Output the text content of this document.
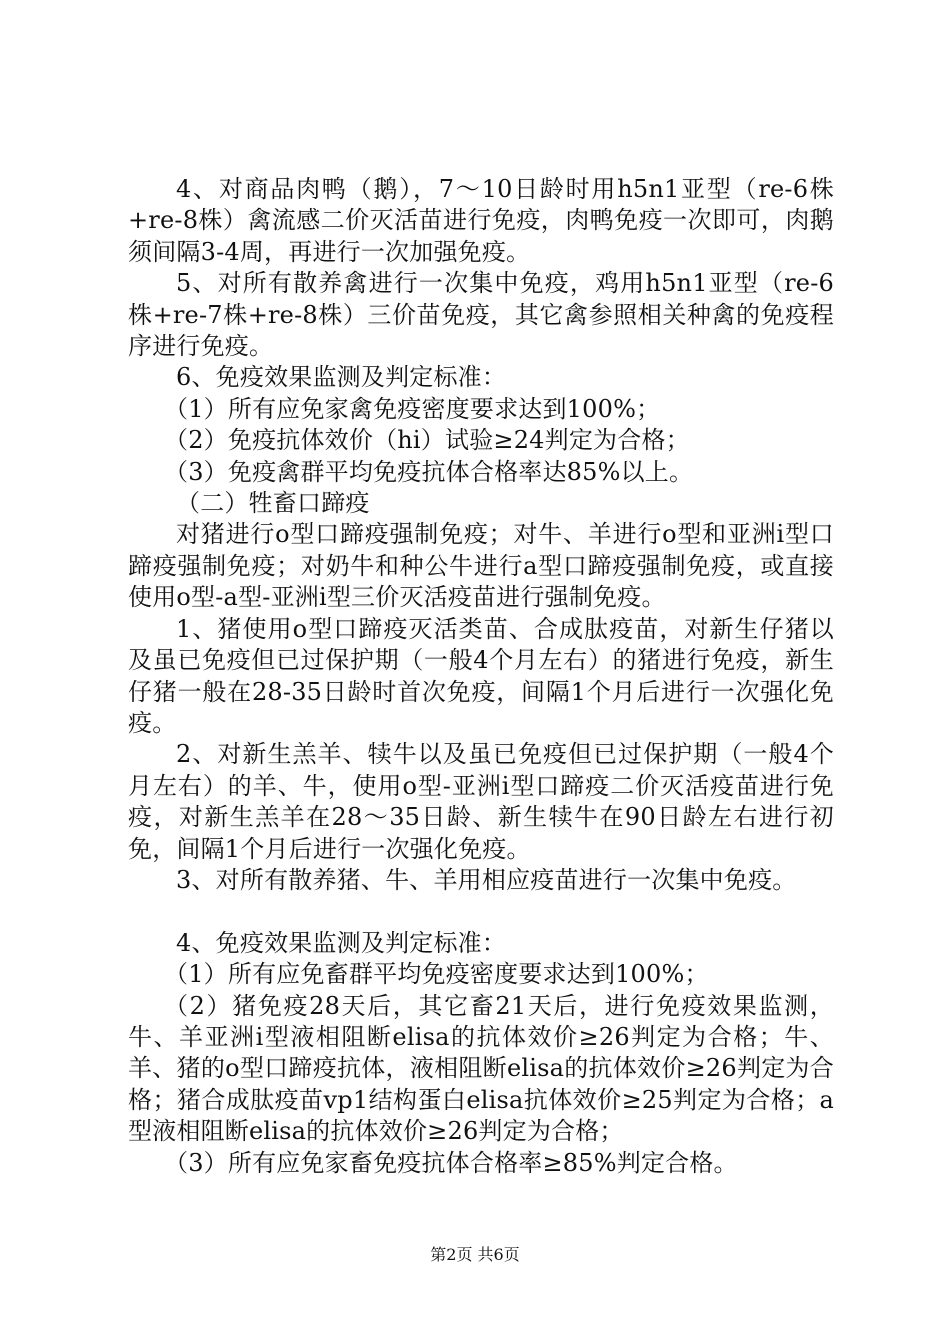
4、对商品肉鸭（鹅），7～10日龄时用h5n1亚型（re-6株+re-8株）禽流感二价灭活苗进行免疫，肉鸭免疫一次即可，肉鹅须间隔3-4周，再进行一次加强免疫。

5、对所有散养禽进行一次集中免疫，鸡用h5n1亚型（re-6株+re-7株+re-8株）三价苗免疫，其它禽参照相关种禽的免疫程序进行免疫。

6、免疫效果监测及判定标准：

（1）所有应免家禽免疫密度要求达到100%；

（2）免疫抗体效价（hi）试验≥24判定为合格；

（3）免疫禽群平均免疫抗体合格率达85%以上。

（二）牲畜口蹄疫

对猪进行o型口蹄疫强制免疫；对牛、羊进行o型和亚洲i型口蹄疫强制免疫；对奶牛和种公牛进行a型口蹄疫强制免疫，或直接使用o型-a型-亚洲i型三价灭活疫苗进行强制免疫。

1、猪使用o型口蹄疫灭活类苗、合成肽疫苗，对新生仔猪以及虽已免疫但已过保护期（一般4个月左右）的猪进行免疫，新生仔猪一般在28-35日龄时首次免疫，间隔1个月后进行一次强化免疫。

2、对新生羔羊、犊牛以及虽已免疫但已过保护期（一般4个月左右）的羊、牛，使用o型-亚洲i型口蹄疫二价灭活疫苗进行免疫，对新生羔羊在28～35日龄、新生犊牛在90日龄左右进行初免，间隔1个月后进行一次强化免疫。

3、对所有散养猪、牛、羊用相应疫苗进行一次集中免疫。

4、免疫效果监测及判定标准：

（1）所有应免畜群平均免疫密度要求达到100%；

（2）猪免疫28天后，其它畜21天后，进行免疫效果监测，牛、羊亚洲i型液相阻断elisa的抗体效价≥26判定为合格；牛、羊、猪的o型口蹄疫抗体，液相阻断elisa的抗体效价≥26判定为合格；猪合成肽疫苗vp1结构蛋白elisa抗体效价≥25判定为合格；a型液相阻断elisa的抗体效价≥26判定为合格；

（3）所有应免家畜免疫抗体合格率≥85%判定合格。

第2页 共6页
